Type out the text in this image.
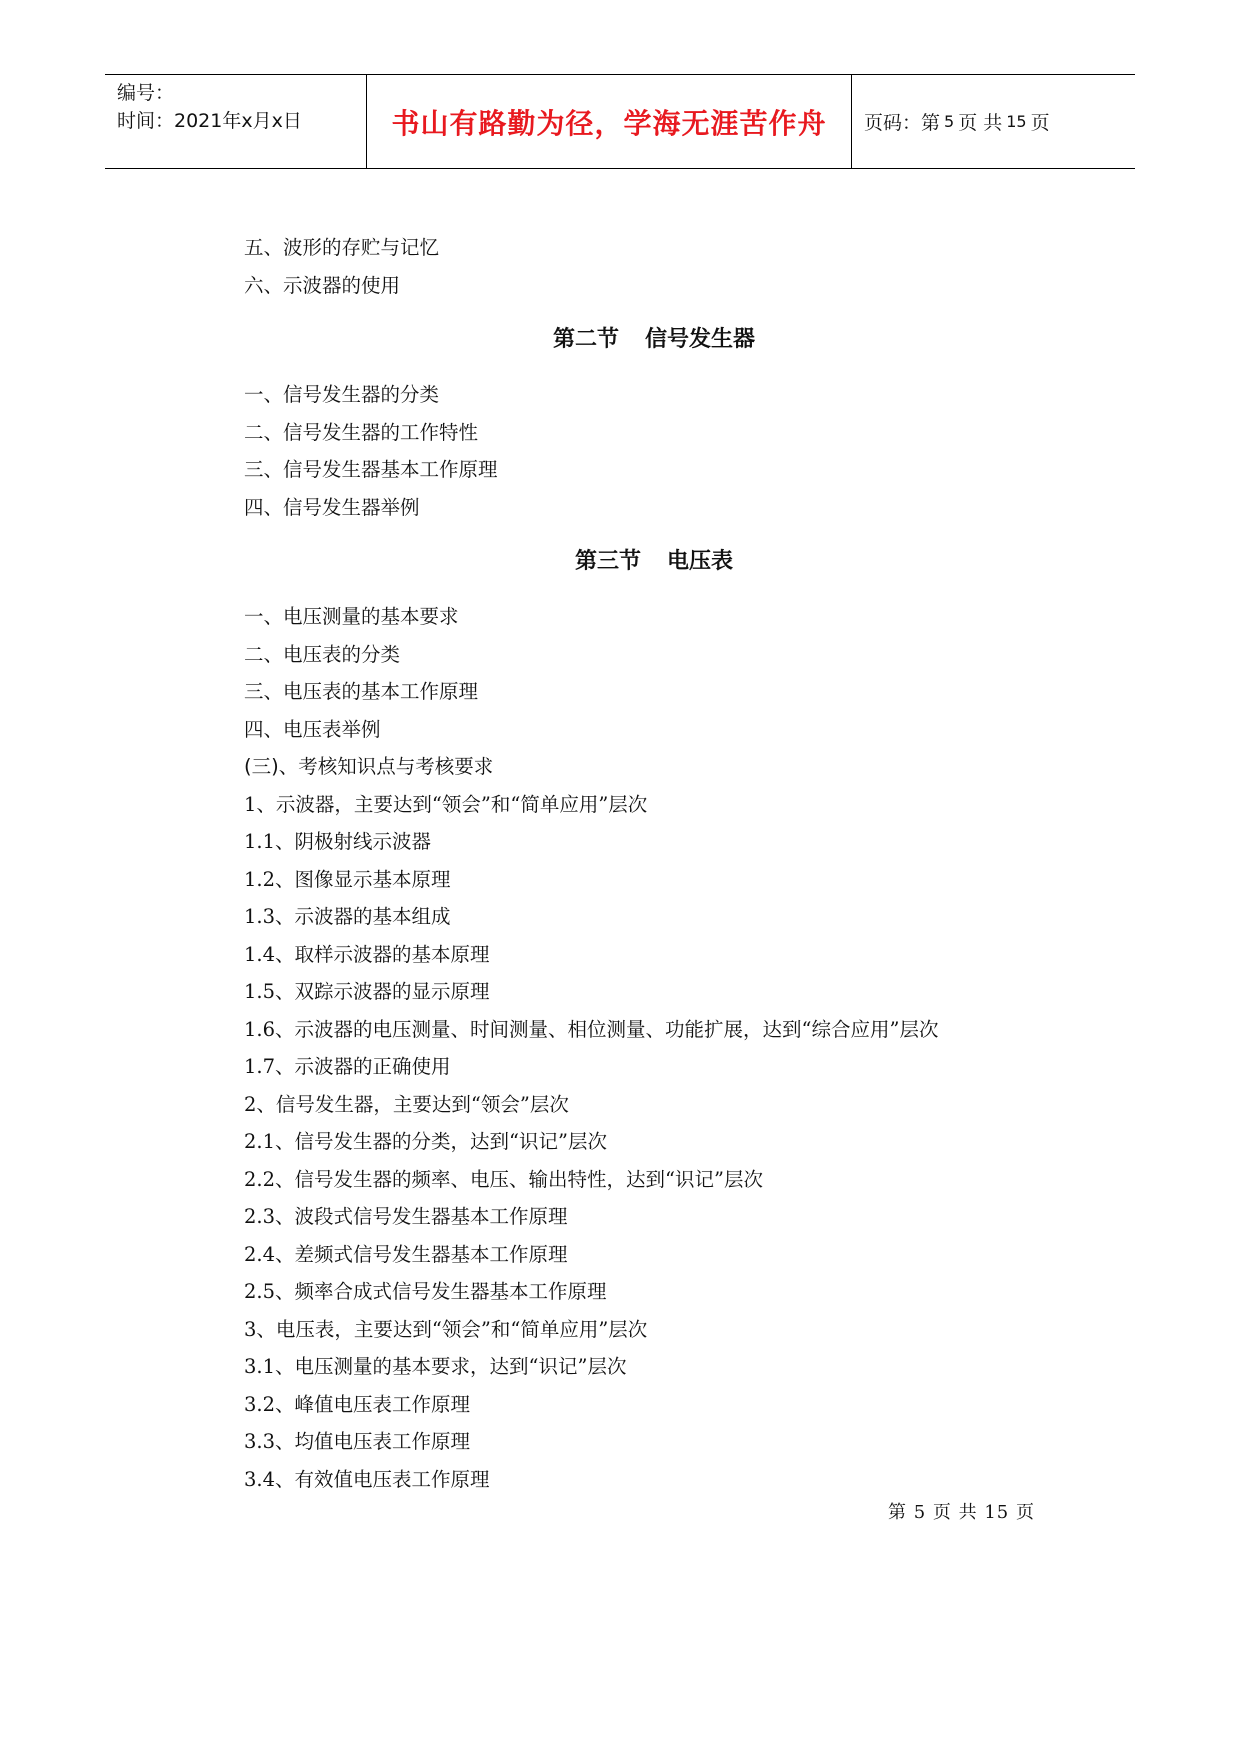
编号：
时间：2021年x月x日	书山有路勤为径，学海无涯苦作舟	页码：第 5 页 共 15 页
五、波形的存贮与记忆
六、示波器的使用
第二节 信号发生器
一、信号发生器的分类
二、信号发生器的工作特性
三、信号发生器基本工作原理
四、信号发生器举例
第三节 电压表
一、电压测量的基本要求
二、电压表的分类
三、电压表的基本工作原理
四、电压表举例
(三)、考核知识点与考核要求
1、示波器，主要达到“领会”和“简单应用”层次
1.1、阴极射线示波器
1.2、图像显示基本原理
1.3、示波器的基本组成
1.4、取样示波器的基本原理
1.5、双踪示波器的显示原理
1.6、示波器的电压测量、时间测量、相位测量、功能扩展，达到“综合应用”层次
1.7、示波器的正确使用
2、信号发生器，主要达到“领会”层次
2.1、信号发生器的分类，达到“识记”层次
2.2、信号发生器的频率、电压、输出特性，达到“识记”层次
2.3、波段式信号发生器基本工作原理
2.4、差频式信号发生器基本工作原理
2.5、频率合成式信号发生器基本工作原理
3、电压表，主要达到“领会”和“简单应用”层次
3.1、电压测量的基本要求，达到“识记”层次
3.2、峰值电压表工作原理
3.3、均值电压表工作原理
3.4、有效值电压表工作原理
第 5 页 共 15 页
